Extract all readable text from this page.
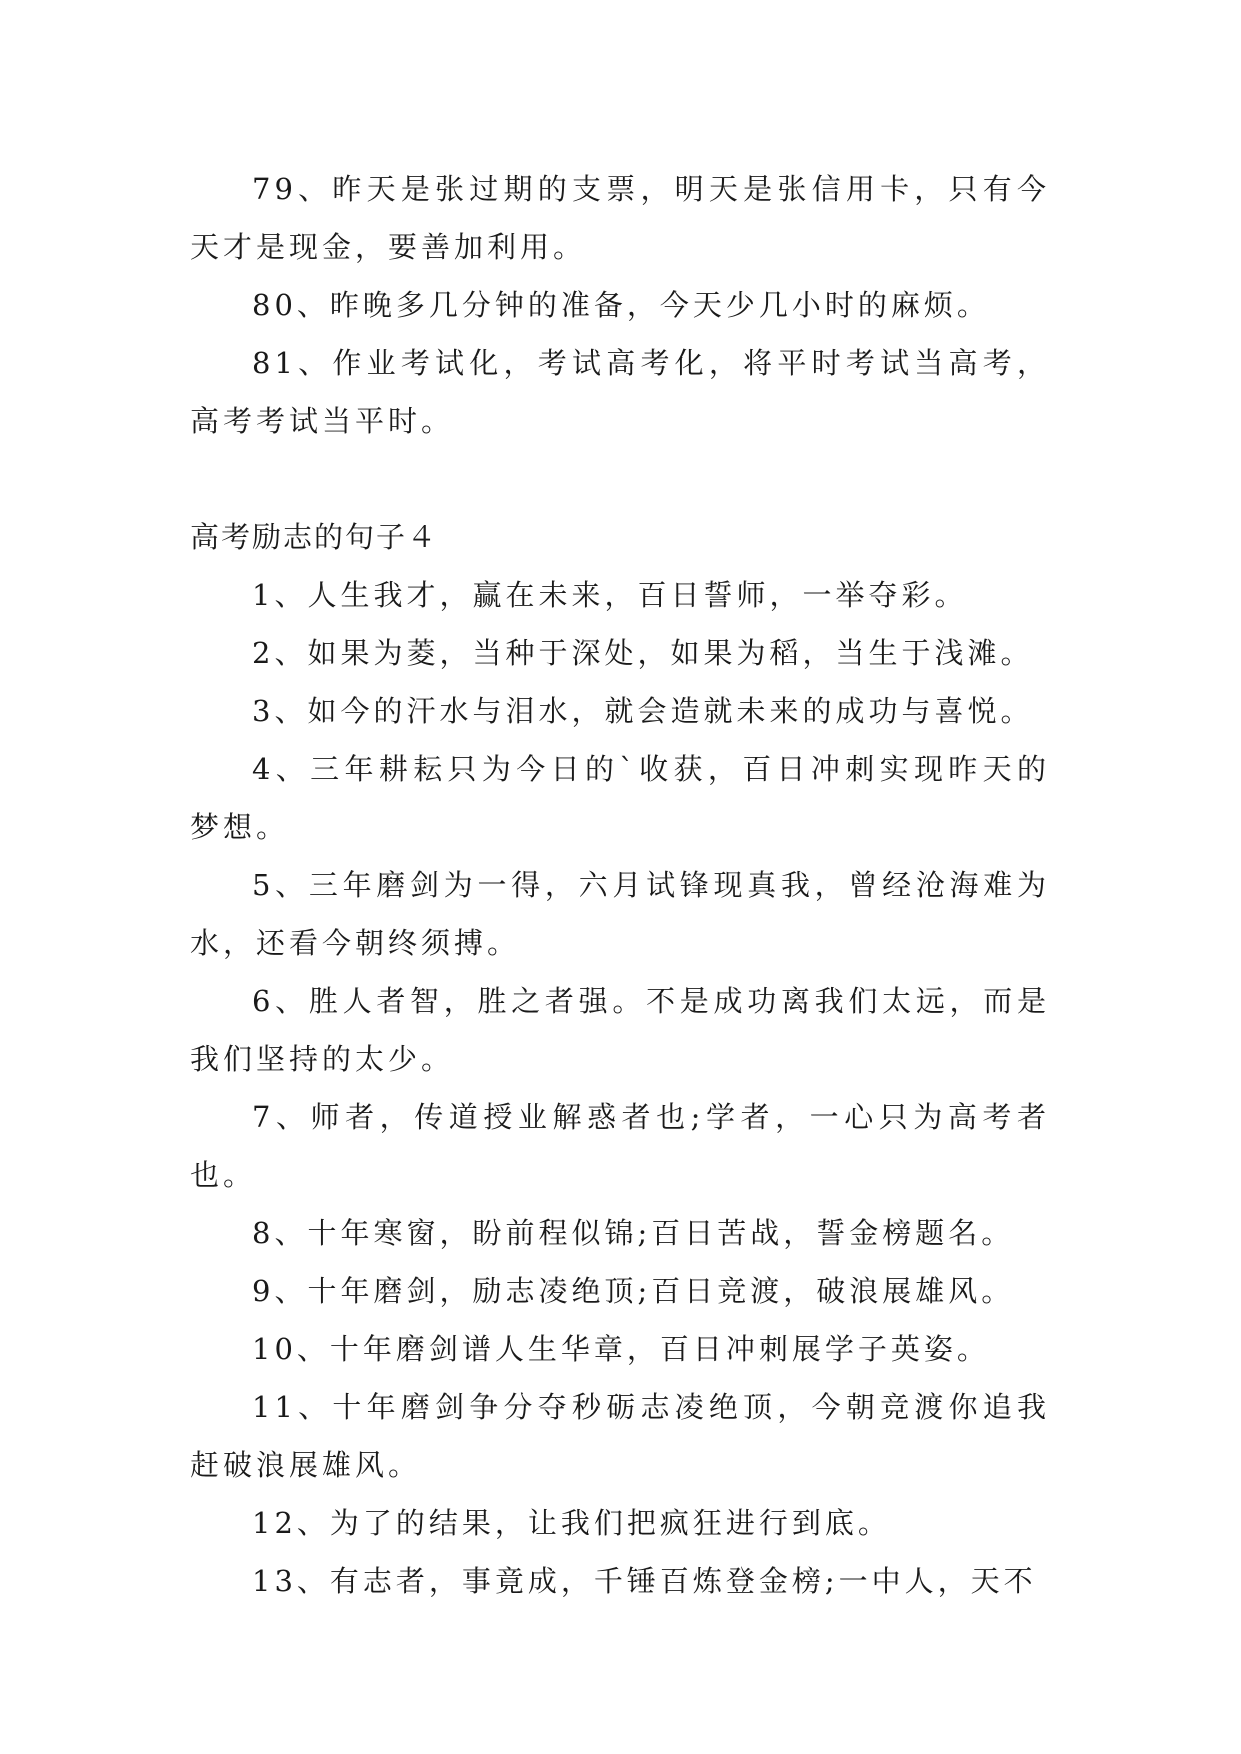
79、昨天是张过期的支票，明天是张信用卡，只有今天才是现金，要善加利用。

80、昨晚多几分钟的准备，今天少几小时的麻烦。

81、作业考试化，考试高考化，将平时考试当高考，高考考试当平时。

高考励志的句子４

1、人生我才，赢在未来，百日誓师，一举夺彩。

2、如果为菱，当种于深处，如果为稻，当生于浅滩。

3、如今的汗水与泪水，就会造就未来的成功与喜悦。

4、三年耕耘只为今日的`收获，百日冲刺实现昨天的梦想。

5、三年磨剑为一得，六月试锋现真我，曾经沧海难为水，还看今朝终须搏。

6、胜人者智，胜之者强。不是成功离我们太远，而是我们坚持的太少。

7、师者，传道授业解惑者也;学者，一心只为高考者也。

8、十年寒窗，盼前程似锦;百日苦战，誓金榜题名。

9、十年磨剑，励志凌绝顶;百日竞渡，破浪展雄风。

10、十年磨剑谱人生华章，百日冲刺展学子英姿。

11、十年磨剑争分夺秒砺志凌绝顶，今朝竞渡你追我赶破浪展雄风。

12、为了的结果，让我们把疯狂进行到底。

13、有志者，事竟成，千锤百炼登金榜;一中人，天不
